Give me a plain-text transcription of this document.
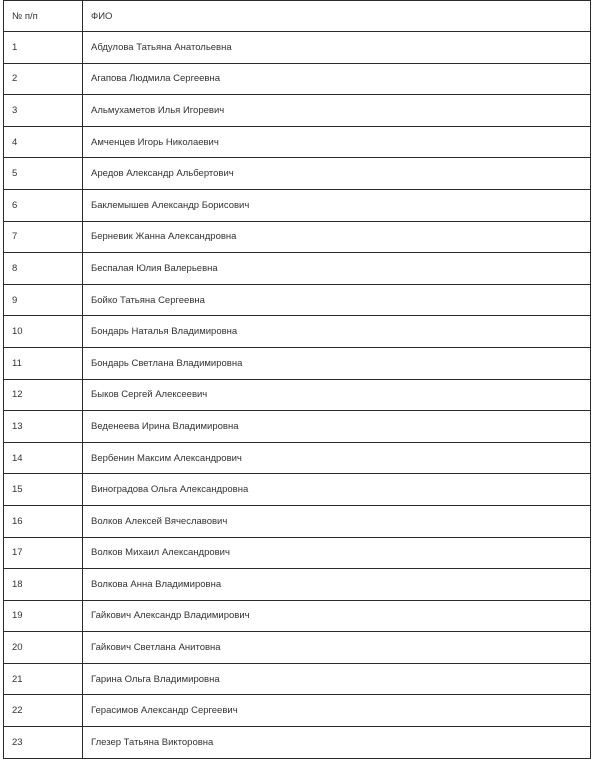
№ п/п	ФИО
1	Абдулова Татьяна Анатольевна
2	Агапова Людмила Сергеевна
3	Альмухаметов Илья Игоревич
4	Амченцев Игорь Николаевич
5	Аредов Александр Альбертович
6	Баклемышев Александр Борисович
7	Берневик Жанна Александровна
8	Беспалая Юлия Валерьевна
9	Бойко Татьяна Сергеевна
10	Бондарь Наталья Владимировна
11	Бондарь Светлана Владимировна
12	Быков Сергей Алексеевич
13	Веденеева Ирина Владимировна
14	Вербенин Максим Александрович
15	Виноградова Ольга Александровна
16	Волков Алексей Вячеславович
17	Волков Михаил Александрович
18	Волкова Анна Владимировна
19	Гайкович Александр Владимирович
20	Гайкович Светлана Анитовна
21	Гарина Ольга Владимировна
22	Герасимов Александр Сергеевич
23	Глезер Татьяна Викторовна
